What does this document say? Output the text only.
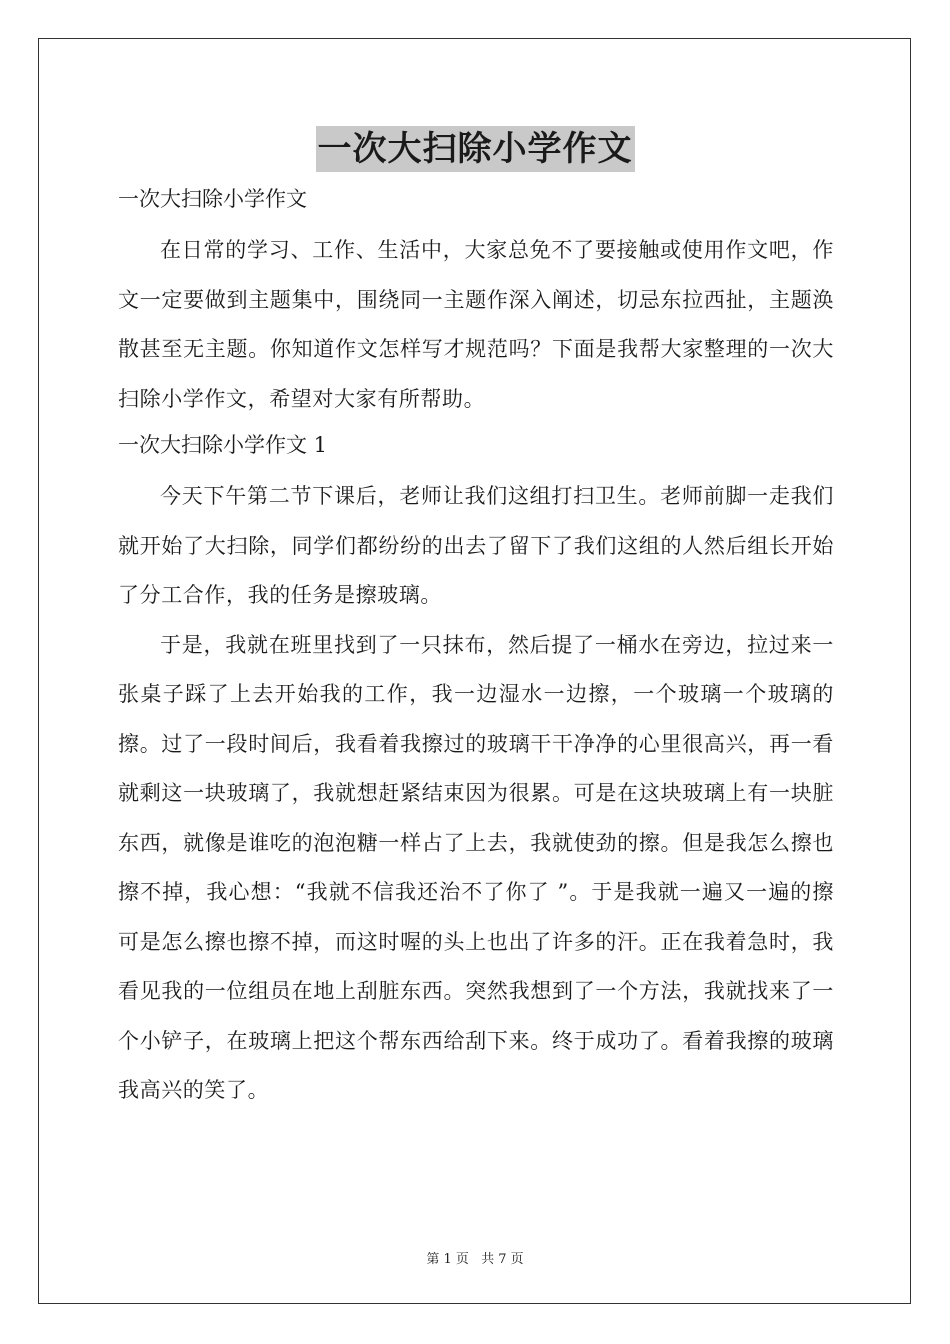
一次大扫除小学作文

一次大扫除小学作文

在日常的学习、工作、生活中，大家总免不了要接触或使用作文吧，作文一定要做到主题集中，围绕同一主题作深入阐述，切忌东拉西扯，主题涣散甚至无主题。你知道作文怎样写才规范吗？下面是我帮大家整理的一次大扫除小学作文，希望对大家有所帮助。

一次大扫除小学作文 1

今天下午第二节下课后，老师让我们这组打扫卫生。老师前脚一走我们就开始了大扫除，同学们都纷纷的出去了留下了我们这组的人然后组长开始了分工合作，我的任务是擦玻璃。

于是，我就在班里找到了一只抹布，然后提了一桶水在旁边，拉过来一张桌子踩了上去开始我的工作，我一边湿水一边擦，一个玻璃一个玻璃的擦。过了一段时间后，我看着我擦过的玻璃干干净净的心里很高兴，再一看就剩这一块玻璃了，我就想赶紧结束因为很累。可是在这块玻璃上有一块脏东西，就像是谁吃的泡泡糖一样占了上去，我就使劲的擦。但是我怎么擦也擦不掉，我心想：“我就不信我还治不了你了 ”。于是我就一遍又一遍的擦可是怎么擦也擦不掉，而这时喔的头上也出了许多的汗。正在我着急时，我看见我的一位组员在地上刮脏东西。突然我想到了一个方法，我就找来了一个小铲子，在玻璃上把这个帮东西给刮下来。终于成功了。看着我擦的玻璃我高兴的笑了。

第 1 页 共 7 页
